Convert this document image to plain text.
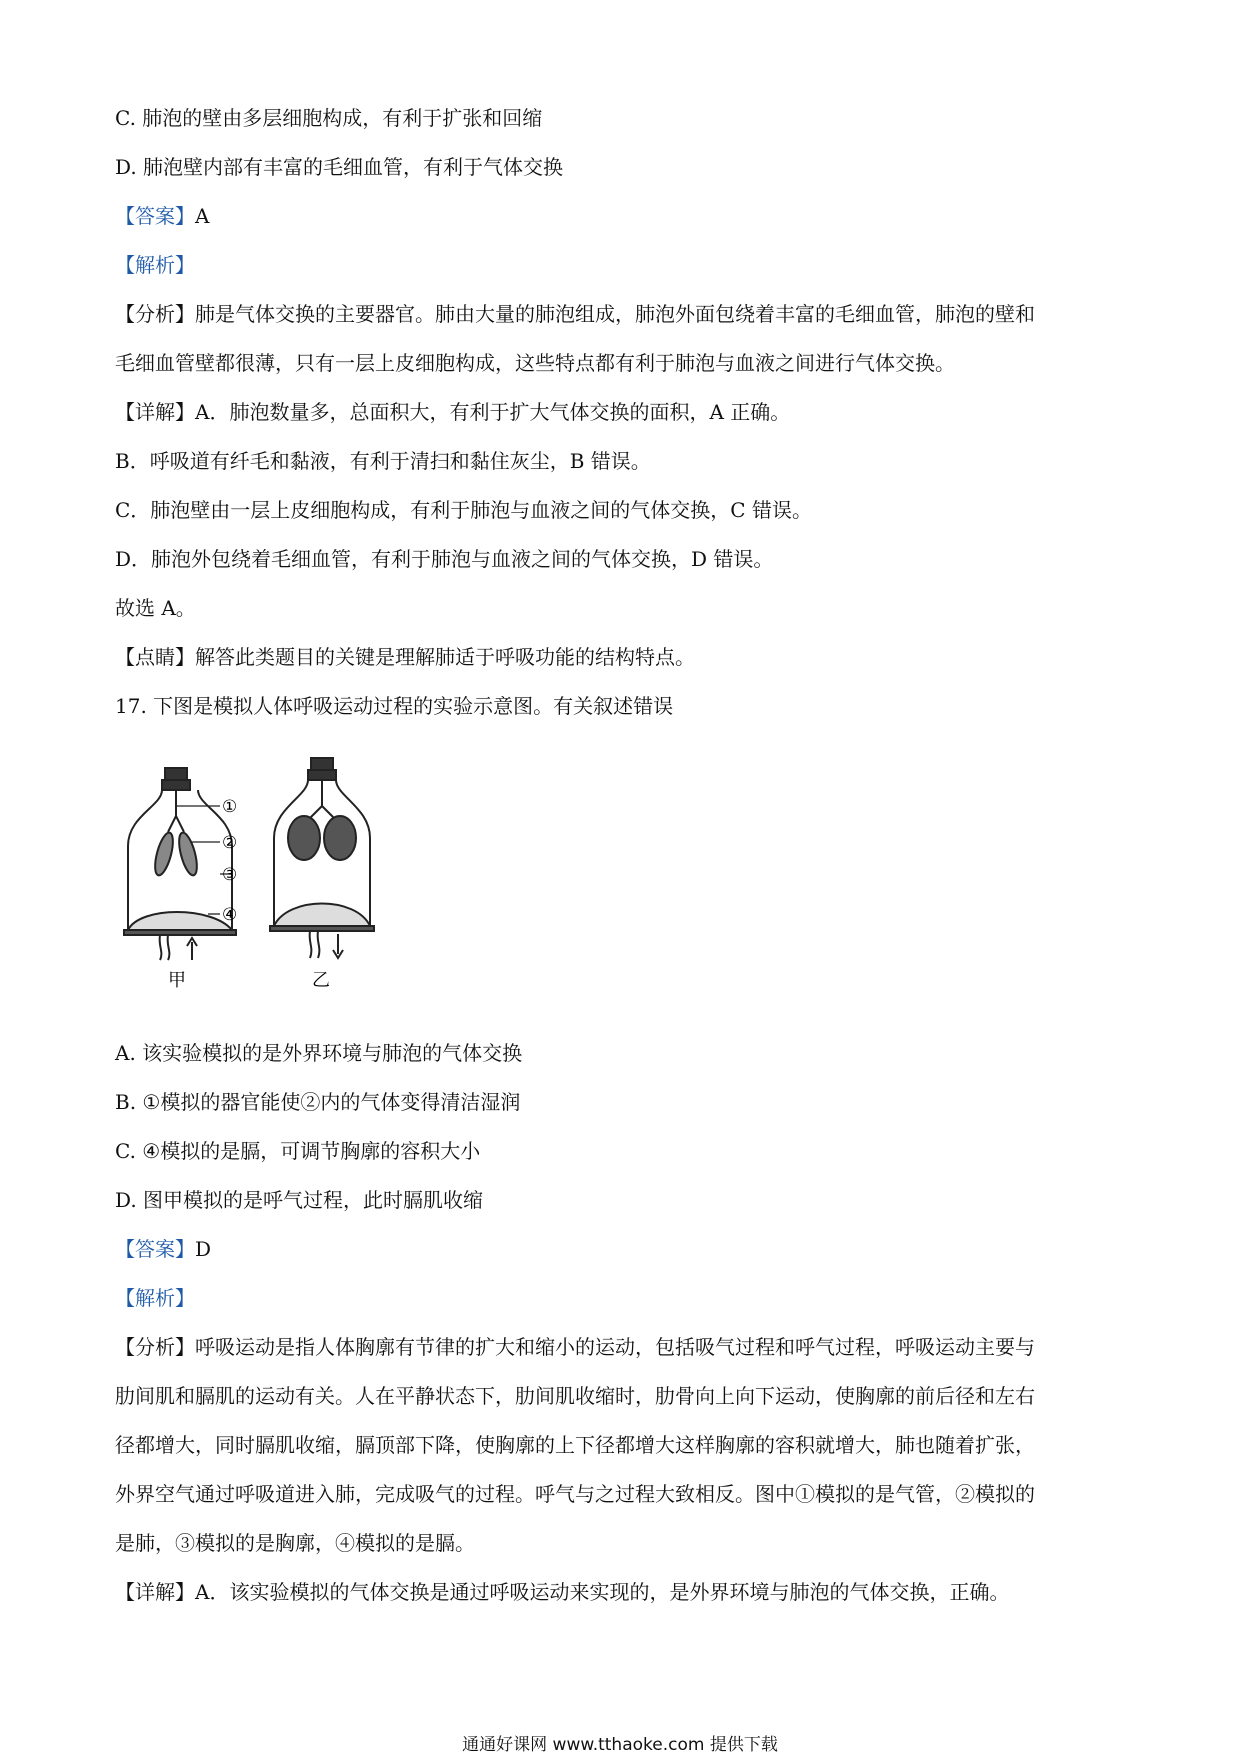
C. 肺泡的壁由多层细胞构成，有利于扩张和回缩
D. 肺泡壁内部有丰富的毛细血管，有利于气体交换
【答案】A
【解析】
【分析】肺是气体交换的主要器官。肺由大量的肺泡组成，肺泡外面包绕着丰富的毛细血管，肺泡的壁和
毛细血管壁都很薄，只有一层上皮细胞构成，这些特点都有利于肺泡与血液之间进行气体交换。
【详解】A．肺泡数量多，总面积大，有利于扩大气体交换的面积，A 正确。
B．呼吸道有纤毛和黏液，有利于清扫和黏住灰尘，B 错误。
C．肺泡壁由一层上皮细胞构成，有利于肺泡与血液之间的气体交换，C 错误。
D．肺泡外包绕着毛细血管，有利于肺泡与血液之间的气体交换，D 错误。
故选 A。
【点睛】解答此类题目的关键是理解肺适于呼吸功能的结构特点。
17. 下图是模拟人体呼吸运动过程的实验示意图。有关叙述错误
①
②
③
④
甲	乙
A. 该实验模拟的是外界环境与肺泡的气体交换
B. ①模拟的器官能使②内的气体变得清洁湿润
C. ④模拟的是膈，可调节胸廓的容积大小
D. 图甲模拟的是呼气过程，此时膈肌收缩
【答案】D
【解析】
【分析】呼吸运动是指人体胸廓有节律的扩大和缩小的运动，包括吸气过程和呼气过程，呼吸运动主要与
肋间肌和膈肌的运动有关。人在平静状态下，肋间肌收缩时，肋骨向上向下运动，使胸廓的前后径和左右
径都增大，同时膈肌收缩，膈顶部下降，使胸廓的上下径都增大这样胸廓的容积就增大，肺也随着扩张，
外界空气通过呼吸道进入肺，完成吸气的过程。呼气与之过程大致相反。图中①模拟的是气管，②模拟的
是肺，③模拟的是胸廓，④模拟的是膈。
【详解】A．该实验模拟的气体交换是通过呼吸运动来实现的，是外界环境与肺泡的气体交换，正确。
通通好课网 www.tthaoke.com 提供下载
